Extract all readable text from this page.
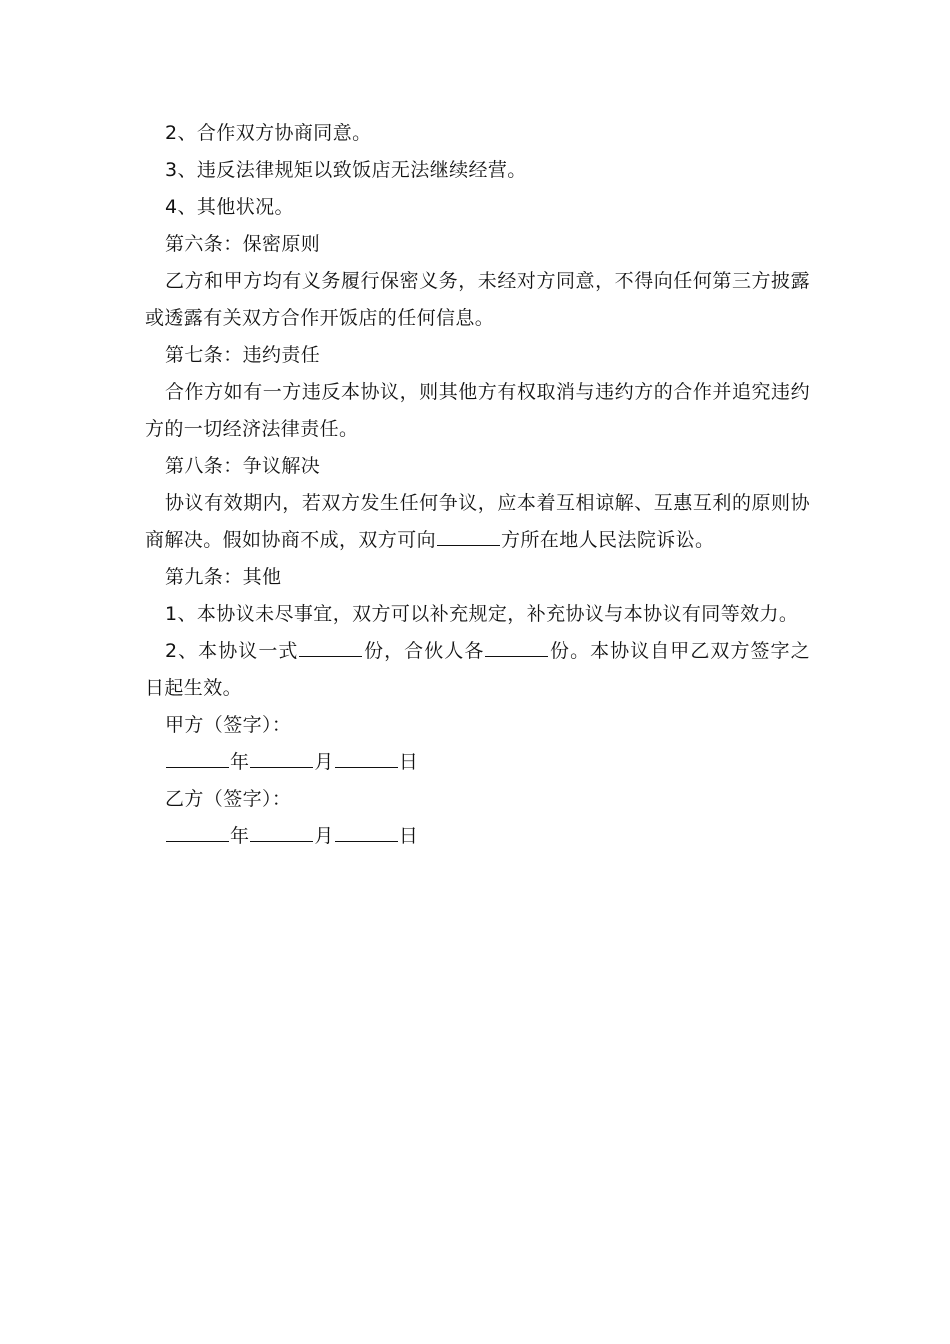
2、合作双方协商同意。
3、违反法律规矩以致饭店无法继续经营。
4、其他状况。
第六条：保密原则
乙方和甲方均有义务履行保密义务，未经对方同意，不得向任何第三方披露或透露有关双方合作开饭店的任何信息。
第七条：违约责任
合作方如有一方违反本协议，则其他方有权取消与违约方的合作并追究违约方的一切经济法律责任。
第八条：争议解决
协议有效期内，若双方发生任何争议，应本着互相谅解、互惠互利的原则协商解决。假如协商不成，双方可向	方所在地人民法院诉讼。
第九条：其他
1、本协议未尽事宜，双方可以补充规定，补充协议与本协议有同等效力。
2、本协议一式	份，合伙人各	份。本协议自甲乙双方签字之日起生效。
甲方（签字）：
年	月	日
乙方（签字）：
年	月	日
